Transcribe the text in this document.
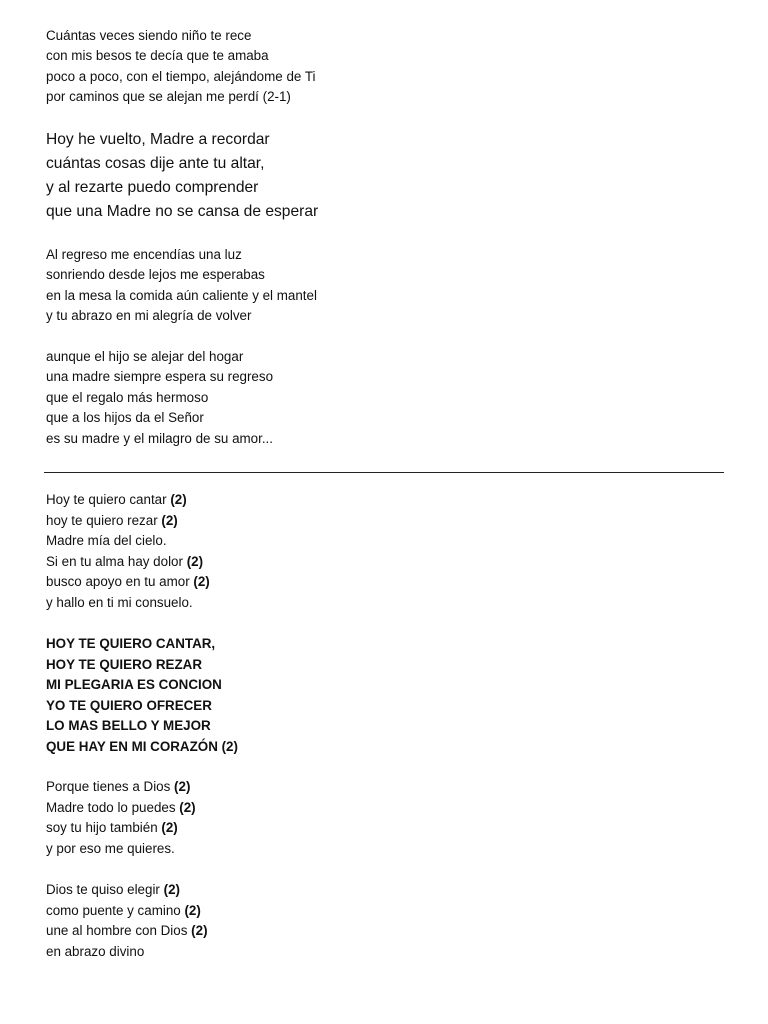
Cuántas veces siendo niño te rece
con mis besos te decía que te amaba
poco a poco, con el tiempo, alejándome de Ti
por caminos que se alejan me perdí (2-1)
Hoy he vuelto, Madre a recordar
cuántas cosas dije ante tu altar,
y al rezarte puedo comprender
que una Madre no se cansa de esperar
Al regreso me encendías una luz
sonriendo desde lejos me esperabas
en la mesa la comida aún caliente y el mantel
y tu abrazo en mi alegría de volver
aunque el hijo se alejar del hogar
una madre siempre espera su regreso
que el regalo más hermoso
que a los hijos da el Señor
es su madre y el milagro de su amor...
Hoy te quiero cantar (2)
hoy te quiero rezar (2)
Madre mía del cielo.
Si en tu alma hay dolor (2)
busco apoyo en tu amor (2)
y hallo en ti mi consuelo.
HOY TE QUIERO CANTAR,
HOY TE QUIERO REZAR
MI PLEGARIA ES CONCION
YO TE QUIERO OFRECER
LO MAS BELLO Y MEJOR
QUE HAY EN MI CORAZÓN (2)
Porque tienes a Dios (2)
Madre todo lo puedes (2)
soy tu hijo también (2)
y por eso me quieres.
Dios te quiso elegir (2)
como puente y camino (2)
une al hombre con Dios (2)
en abrazo divino
